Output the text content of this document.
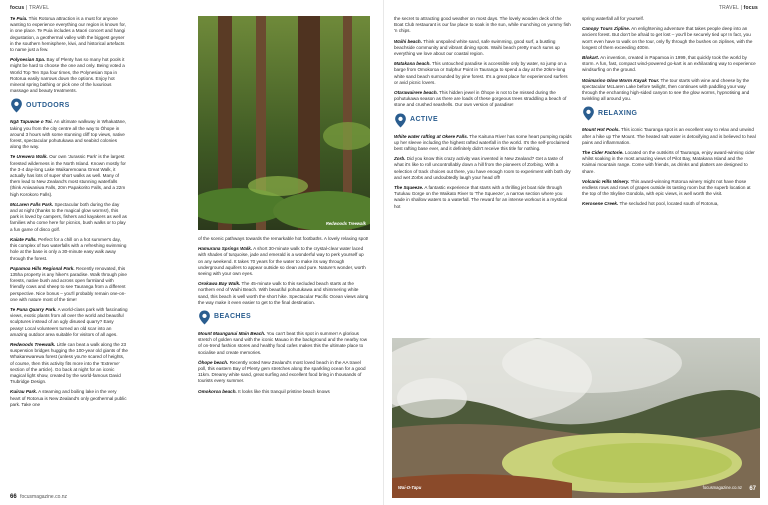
focus | TRAVEL

Te Puia. This Rotorua attraction is a must for anyone wanting to experience everything our region is known for, in one place. Te Puia includes a Maori concert and hangi degustation, a geothermal valley with the biggest geyser in the southern hemisphere, kiwi, and historical artefacts to name just a few.

Polynesian Spa. Bay of Plenty has so many hot pools it might be hard to choose the one and only. Being voted a World Top Ten Spa four times, the Polynesian Spa in Rotorua easily narrows down the options. Enjoy hot mineral spring bathing or pick one of the luxurious massage and beauty treatments.

OUTDOORS

Ngā Tapuwae o Toi. An ultimate walkway in Whakatāne, taking you from the city centre all the way to Ōhope in around 3 hours with some stunning cliff top views, native forest, spectacular pohutukawa and seabird colonies along the way.

Te Urewera Walk. Our own 'Jurassic Park' is the largest forested wilderness in the North Island. Known mostly for the 3-4 day-long Lake Waikaremoana Great Walk, it actually has lots of super short walks as well. Many of them lead to New Zealand's most stunning waterfalls (think Aniwaniwa Falls, 20m Papakorito Falls, and a 22m high Korokoro Falls).

McLaren Falls Park. Spectacular both during the day and at night (thanks to the magical glow worms!), this park is loved by campers, fishers and kayakers as well as families who come here for picnics, bush walks or to play a fun game of disco golf.

Kaiate Falls. Perfect for a chill on a hot summer's day, this complex of two waterfalls with a refreshing swimming hole at the base is only a 30-minute easy walk away through the forest.

Papamoa Hills Regional Park. Recently renovated, this 135ha property is any hiker's paradise. Walk through pine forests, native bush and across open farmland with friendly cows and sheep to see Tauranga from a different perspective. Nice bonus – you'll probably remain one-on-one with nature most of the time!

Te Puna Quarry Park. A world-class park with fascinating views, exotic plants from all over the world and beautiful sculptures instead of an ugly disused quarry? Easy peasy! Local volunteers turned an old scar into an amazing outdoor area suitable for visitors of all ages.

Redwoods Treewalk. Little can beat a walk along the 23 suspension bridges hugging the 100-year old giants of the Whakarewarewa forest (unless you're scared of heights, of course, then this activity fits more into the 'Extreme' section of the article). Go back at night for an iconic magical light show, created by the world-famous David Trubridge Design.

Kuirau Park. A steaming and boiling lake in the very heart of Rotorua is New Zealand's only geothermal public park. Take one

Redwoods Treewalk

of the scenic pathways towards the remarkable hot footbaths. A lovely relaxing spot!

Hamurana Springs Walk. A short 30-minute walk to the crystal-clear water laced with shades of turquoise, jade and emerald is a wonderful way to perk yourself up on any weekend. It takes 70 years for the water to make its way through underground aquifers to appear outside so clean and pure. Nature's wonder, worth seeing with your own eyes.

Orokawa Bay Walk. The 45-minute walk to this secluded beach starts at the northern end of Waihi Beach. With beautiful pohutukawa and shimmering white sand, this beach is well worth the short hike. Spectacular Pacific Ocean views along the way make it even easier to get to the final destination.

BEACHES

Mount Maunganui Main Beach. You can't beat this spot in summer! A glorious stretch of golden sand with the iconic Mauao in the background and the nearby row of on-trend fashion stores and healthy food cafes makes this the ultimate place to socialise and create memories.

Ōhope beach. Recently voted New Zealand's most loved beach in the AA travel poll, this eastern Bay of Plenty gem stretches along the sparkling ocean for a good 11km. Dreamy white sand, great surfing and excellent food bring in thousands of tourists every summer.

Omokoroa beach. It looks like this tranquil pristine beach knows

66 focusmagazine.co.nz
TRAVEL | focus

the secret to attracting good weather on most days. The lovely wooden deck of the Boat Club restaurant is our fav place to soak in the sun, while munching on yummy fish 'n chips.

Waihi beach. Think unspoiled white sand, safe swimming, good surf, a bustling beachside community and vibrant dining spots. Waihi beach pretty much sums up everything we love about our coastal region.

Matakana beach. This untouched paradise is accessible only by water, so jump on a barge from Omokoroa or Sulphur Point in Tauranga to spend a day at the 20km-long white sand beach surrounded by pine forest. It's a great place for experienced surfers or avid picnic lovers.

Otarawairere beach. This hidden jewel in Ōhope is not to be missed during the pohutukawa season as there are loads of these gorgeous trees straddling a beach of stone and crushed seashells. Our own version of paradise!

ACTIVE

White water rafting at Okere Falls. The Kaituna River has some heart pumping rapids up her sleeve including the highest rafted waterfall in the world. It's the self-proclaimed best rafting base ever, and it definitely didn't receive this title for nothing.

Zorb. Did you know this crazy activity was invented in New Zealand? Get a taste of what it's like to roll uncontrollably down a hill from the pioneers of Zorbing. With a selection of track choices out there, you have enough room to experiment with both dry and wet Zorbs and undoubtedly laugh your head off!

The Squeeze. A fantastic experience that starts with a thrilling jet boat ride through Tutukau Gorge on the Waikato River to 'The Squeeze', a narrow section where you wade in shallow waters to a waterfall. The reward for an intense workout is a mystical hot

spring waterfall all for yourself.

Canopy Tours Zipline. An enlightening adventure that takes people deep into an ancient forest. But don't be afraid to get lost – you'll be securely tied up! In fact, you won't even have to walk on the tour, only fly through the bushes on ziplines, with the longest of them exceeding 400m.

Blokart. An invention, created in Papamoa in 1999, that quickly took the world by storm. A fun, fast, compact wind-powered go-kart is an exhilarating way to experience windsurfing on the ground.

Waimarino Glow Worm Kayak Tour. The tour starts with wine and cheese by the spectacular McLaren Lake before twilight, then continues with paddling your way through the enchanting high-sided canyon to see the glow worms, hypnotising and twinkling all around you.

RELAXING

Mount Hot Pools. This iconic Tauranga spot is an excellent way to relax and unwind after a hike up The Mount. The heated salt water is detoxifying and is believed to heal pains and inflammation.

The Cider Factorie. Located on the outskirts of Tauranga, enjoy award-winning cider whilst soaking in the most amazing views of Pilot Bay, Matakana Island and the Kaimai mountain range. Come with friends, as drinks and platters are designed to share.

Volcanic Hills Winery. This award-winning Rotorua winery might not have those endless rows and rows of grapes outside its tasting room but the superb location at the top of the Skyline Gondola, with epic views, is well worth the visit.

Kerosene Creek. The secluded hot pool, located south of Rotorua,

Wai-O-Tapu	focusmagazine.co.nz 67
